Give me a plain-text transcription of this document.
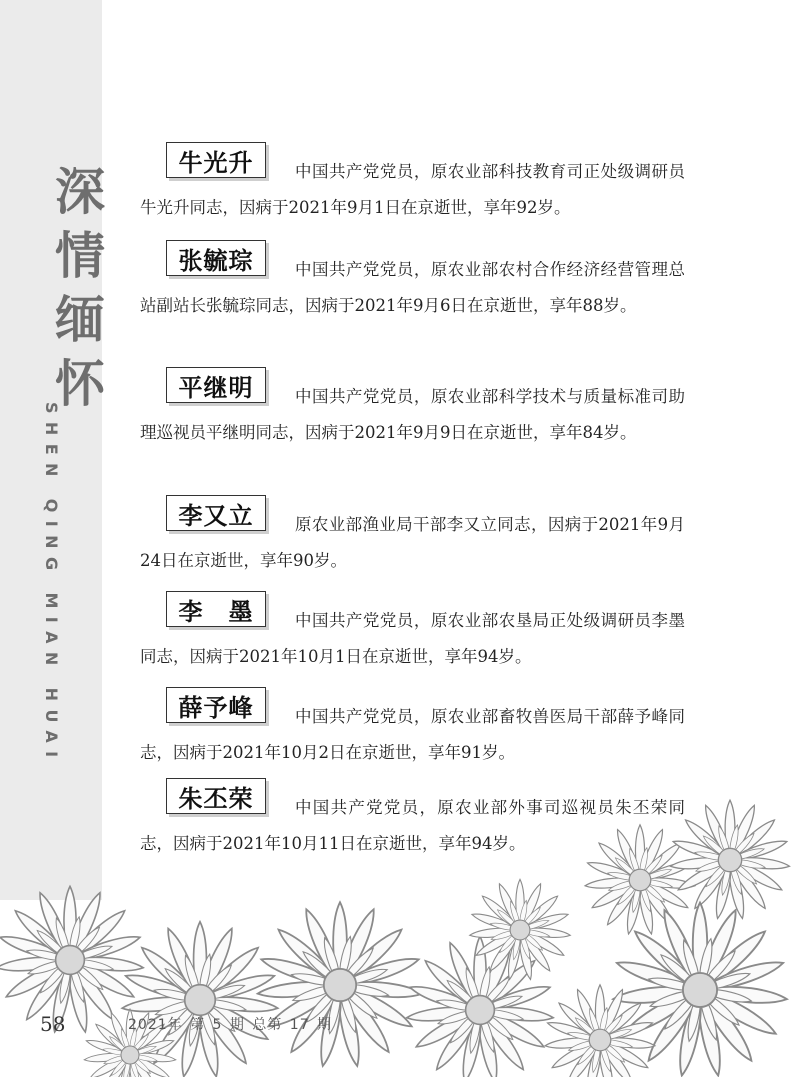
深
情
缅
怀
SHEN QING MIAN HUAI
牛光升	中国共产党党员，原农业部科技教育司正处级调研员牛光升同志，因病于2021年9月1日在京逝世，享年92岁。

张毓琮	中国共产党党员，原农业部农村合作经济经营管理总站副站长张毓琮同志，因病于2021年9月6日在京逝世，享年88岁。

平继明	中国共产党党员，原农业部科学技术与质量标准司助理巡视员平继明同志，因病于2021年9月9日在京逝世，享年84岁。

李又立	原农业部渔业局干部李又立同志，因病于2021年9月24日在京逝世，享年90岁。

李　墨	中国共产党党员，原农业部农垦局正处级调研员李墨同志，因病于2021年10月1日在京逝世，享年94岁。

薛予峰	中国共产党党员，原农业部畜牧兽医局干部薛予峰同志，因病于2021年10月2日在京逝世，享年91岁。

朱丕荣	中国共产党党员，原农业部外事司巡视员朱丕荣同志，因病于2021年10月11日在京逝世，享年94岁。

58	2021年 第 5 期 总第 17 期
